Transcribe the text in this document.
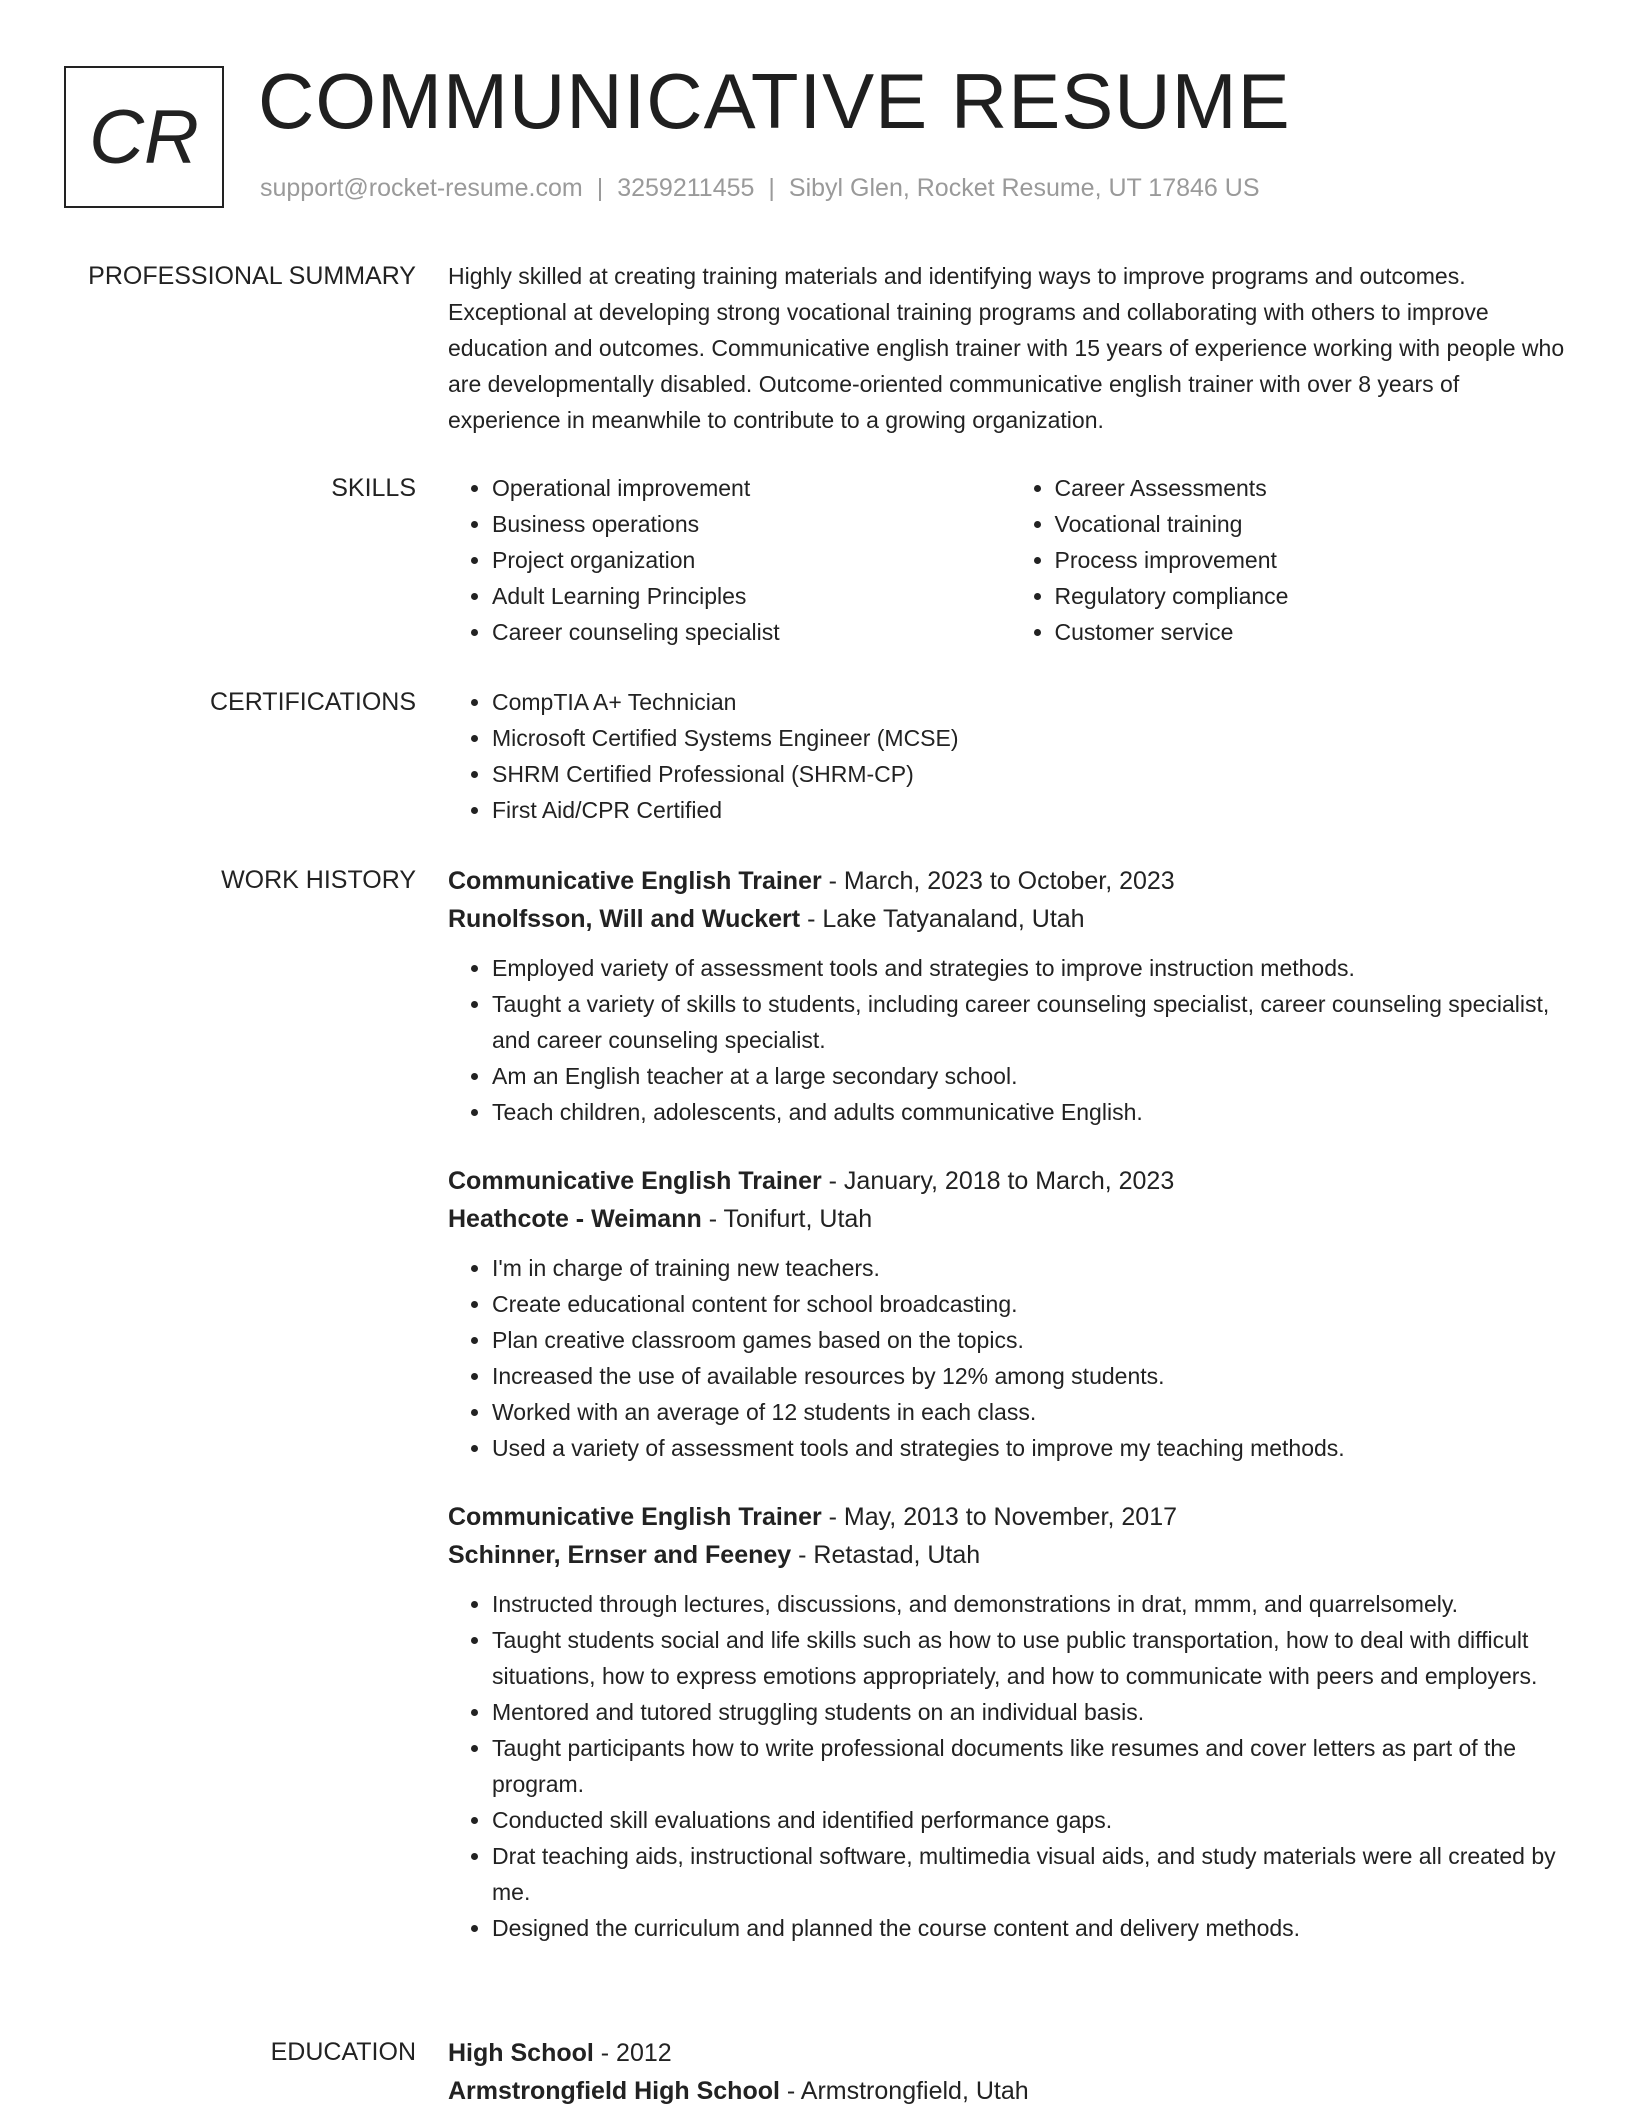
CR COMMUNICATIVE RESUME
support@rocket-resume.com | 3259211455 | Sibyl Glen, Rocket Resume, UT 17846 US
PROFESSIONAL SUMMARY Highly skilled at creating training materials and identifying ways to improve programs and outcomes. Exceptional at developing strong vocational training programs and collaborating with others to improve education and outcomes. Communicative english trainer with 15 years of experience working with people who are developmentally disabled. Outcome-oriented communicative english trainer with over 8 years of experience in meanwhile to contribute to a growing organization.

SKILLS	• Operational improvement
• Business operations
• Project organization
• Adult Learning Principles
• Career counseling specialist
• Career Assessments
• Vocational training
• Process improvement
• Regulatory compliance
• Customer service
CERTIFICATIONS	• CompTIA A+ Technician
• Microsoft Certified Systems Engineer (MCSE)
• SHRM Certified Professional (SHRM-CP)
• First Aid/CPR Certified
WORK HISTORY Communicative English Trainer - March, 2023 to October, 2023
Runolfsson, Will and Wuckert - Lake Tatyanaland, Utah
• Employed variety of assessment tools and strategies to improve instruction methods.
• Taught a variety of skills to students, including career counseling specialist, career counseling specialist, and career counseling specialist.
• Am an English teacher at a large secondary school.
• Teach children, adolescents, and adults communicative English.
Communicative English Trainer - January, 2018 to March, 2023
Heathcote - Weimann - Tonifurt, Utah
• I'm in charge of training new teachers.
• Create educational content for school broadcasting.
• Plan creative classroom games based on the topics.
• Increased the use of available resources by 12% among students.
• Worked with an average of 12 students in each class.
• Used a variety of assessment tools and strategies to improve my teaching methods.
Communicative English Trainer - May, 2013 to November, 2017
Schinner, Ernser and Feeney - Retastad, Utah
• Instructed through lectures, discussions, and demonstrations in drat, mmm, and quarrelsomely.
• Taught students social and life skills such as how to use public transportation, how to deal with difficult situations, how to express emotions appropriately, and how to communicate with peers and employers.
• Mentored and tutored struggling students on an individual basis.
• Taught participants how to write professional documents like resumes and cover letters as part of the program.
• Conducted skill evaluations and identified performance gaps.
• Drat teaching aids, instructional software, multimedia visual aids, and study materials were all created by me.
• Designed the curriculum and planned the course content and delivery methods.
EDUCATION High School - 2012
Armstrongfield High School - Armstrongfield, Utah
